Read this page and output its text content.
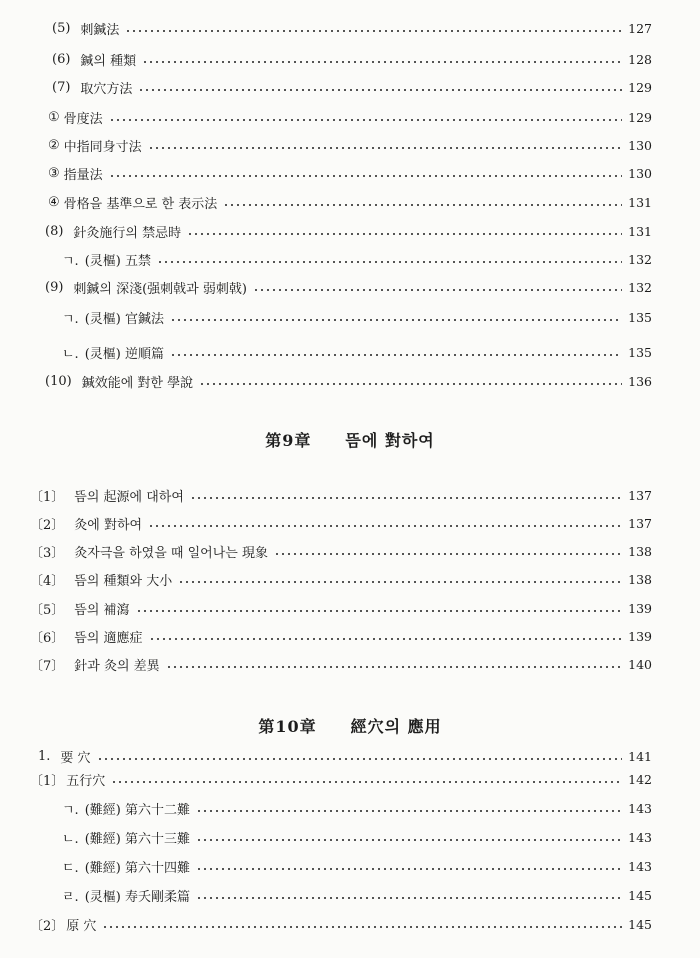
(5) 刺鍼法	127
(6) 鍼의 種類	128
(7) 取穴方法	129
① 骨度法	129
② 中指同身寸法	130
③ 指量法	130
④ 骨格을 基準으로 한 表示法	131
(8) 針灸施行의 禁忌時	131
ㄱ. (灵樞) 五禁	132
(9) 刺鍼의 深淺(强刺戟과 弱刺戟)	132
ㄱ. (灵樞) 官鍼法	135
ㄴ. (灵樞) 逆順篇	135
(10) 鍼效能에 對한 學說	136
第9章 뜸에 對하여
〔1〕 뜸의 起源에 대하여	137
〔2〕 灸에 對하여	137
〔3〕 灸자극을 하였을 때 일어나는 現象	138
〔4〕 뜸의 種類와 大小	138
〔5〕 뜸의 補瀉	139
〔6〕 뜸의 適應症	139
〔7〕 針과 灸의 差異	140
第10章 經穴의 應用
1. 要 穴	141
〔1〕 五行穴	142
ㄱ. (難經) 第六十二難	143
ㄴ. (難經) 第六十三難	143
ㄷ. (難經) 第六十四難	143
ㄹ. (灵樞) 寿夭剛柔篇	145
〔2〕 原 穴	145
